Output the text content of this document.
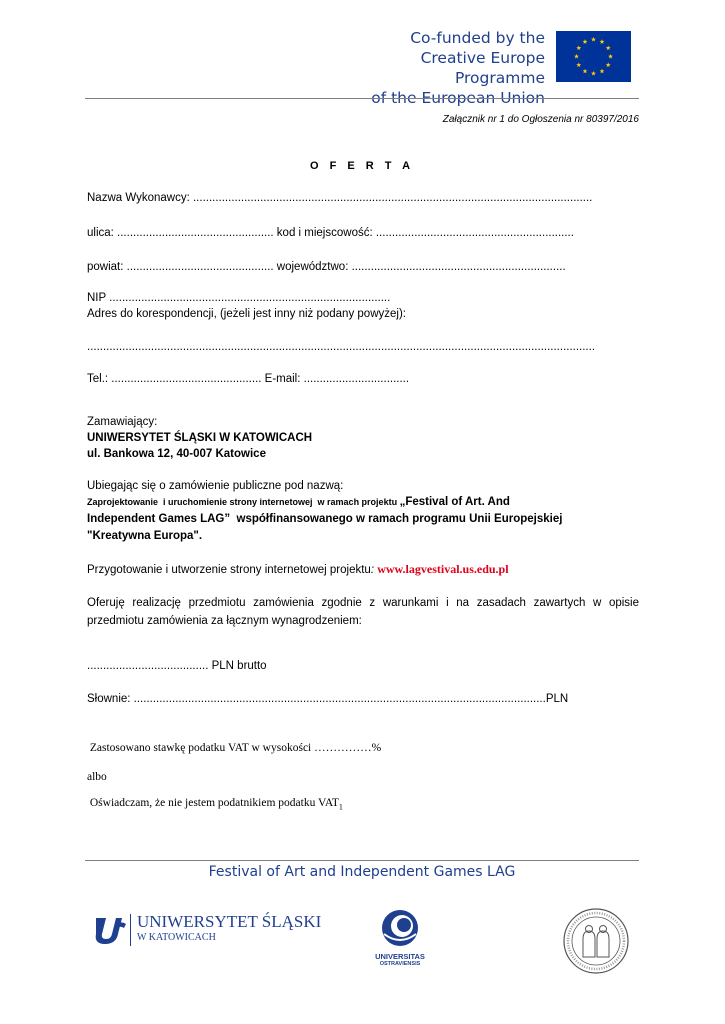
Co-funded by the
Creative Europe Programme
of the European Union
Załącznik nr 1 do Ogłoszenia nr 80397/2016
O F E R T A
Nazwa Wykonawcy: .............................................................................................................................
ulica: ................................................. kod i miejscowość: ..............................................................
powiat: .............................................. województwo: ...................................................................
NIP ........................................................................................
Adres do korespondencji, (jeżeli jest inny niż podany powyżej):
...............................................................................................................................................................
Tel.: ............................................... E-mail: .................................
Zamawiający:
UNIWERSYTET ŚLĄSKI W KATOWICACH
ul. Bankowa 12, 40-007 Katowice
Ubiegając się o zamówienie publiczne pod nazwą:
Zaprojektowanie  i uruchomienie strony internetowej  w ramach projektu „Festival of Art. And
Independent Games LAG”  współfinansowanego w ramach programu Unii Europejskiej
"Kreatywna Europa".
Przygotowanie i utworzenie strony internetowej projektu: www.lagvestival.us.edu.pl
Oferuję realizację przedmiotu zamówienia zgodnie z warunkami i na zasadach zawartych w opisie przedmiotu zamówienia za łącznym wynagrodzeniem:
...................................... PLN brutto
Słownie: .................................................................................................................................PLN
Zastosowano stawkę podatku VAT w wysokości ……………%
albo
Oświadczam, że nie jestem podatnikiem podatku $VAT_1$
Festival of Art and Independent Games LAG
UNIWERSYTET ŚLĄSKI
W KATOWICACH
UNIVERSITAS
OSTRAVIENSIS
